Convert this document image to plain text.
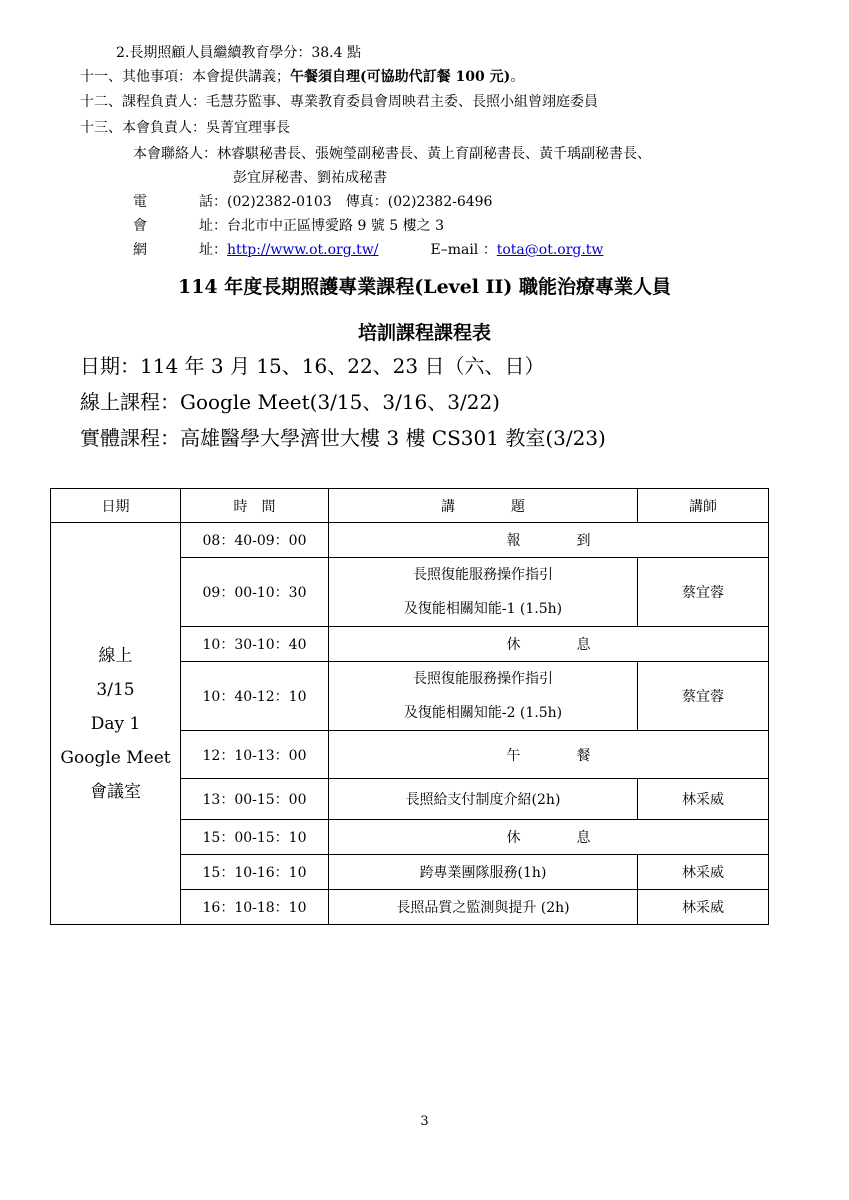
2.長期照顧人員繼續教育學分：38.4 點
十一、其他事項：本會提供講義；午餐須自理(可協助代訂餐 100 元)。
十二、課程負責人：毛慧芬監事、專業教育委員會周映君主委、長照小組曾翊庭委員
十三、本會負責人：吳菁宜理事長
本會聯絡人：林睿騏秘書長、張婉瑩副秘書長、黃上育副秘書長、黃千瑀副秘書長、
彭宜屏秘書、劉祐成秘書
電	話：(02)2382-0103 傳真：(02)2382-6496
會	址：台北市中正區博愛路 9 號 5 樓之 3
網	址：http://www.ot.org.tw/	E–mail ：tota@ot.org.tw
114 年度長期照護專業課程(Level II) 職能治療專業人員
培訓課程課程表
日期：114 年 3 月 15、16、22、23 日（六、日）
線上課程：Google Meet(3/15、3/16、3/22)
實體課程：高雄醫學大學濟世大樓 3 樓 CS301 教室(3/23)
日期	時　間	講　　　　題	講師

線上
3/15
Day 1
Google Meet
會議室	08：40-09：00	報　　　　到	
	09：00-10：30	長照復能服務操作指引
及復能相關知能-1 (1.5h)	蔡宜蓉
	10：30-10：40	休　　　　息	
	10：40-12：10	長照復能服務操作指引
及復能相關知能-2 (1.5h)	蔡宜蓉
	12：10-13：00	午　　　　餐	
	13：00-15：00	長照給支付制度介紹(2h)	林采威
	15：00-15：10	休　　　　息	
	15：10-16：10	跨專業團隊服務(1h)	林采威
	16：10-18：10	長照品質之監測與提升 (2h)	林采威
3
